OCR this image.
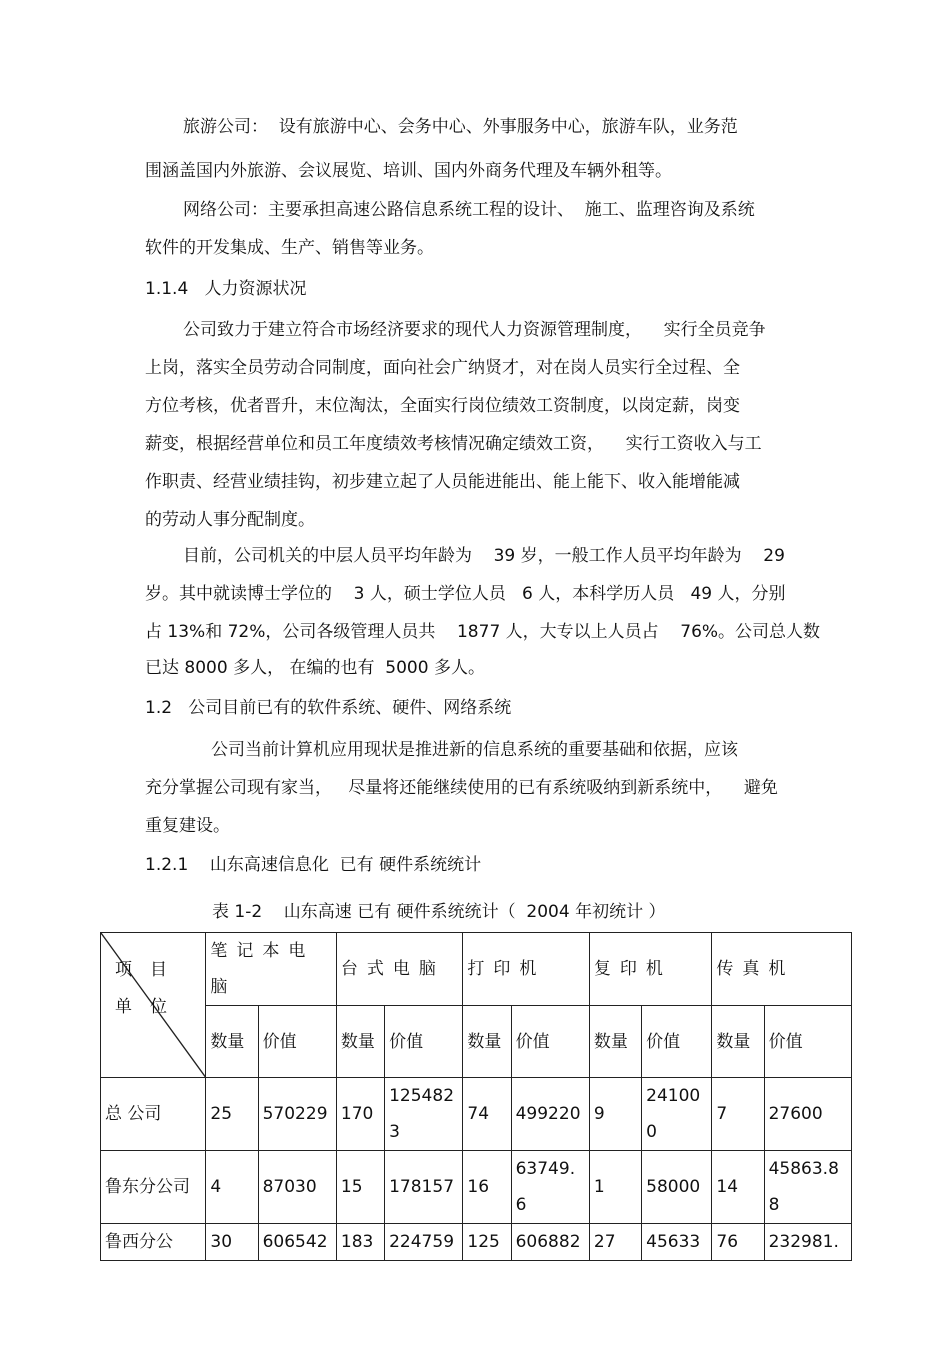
旅游公司：  设有旅游中心、会务中心、外事服务中心，旅游车队，业务范
围涵盖国内外旅游、会议展览、培训、国内外商务代理及车辆外租等。
网络公司：主要承担高速公路信息系统工程的设计、  施工、监理咨询及系统
软件的开发集成、生产、销售等业务。
1.1.4   人力资源状况
公司致力于建立符合市场经济要求的现代人力资源管理制度，    实行全员竞争
上岗，落实全员劳动合同制度，面向社会广纳贤才，对在岗人员实行全过程、全
方位考核，优者晋升，末位淘汰，全面实行岗位绩效工资制度，以岗定薪，岗变
薪变，根据经营单位和员工年度绩效考核情况确定绩效工资，    实行工资收入与工
作职责、经营业绩挂钩，初步建立起了人员能进能出、能上能下、收入能增能减
的劳动人事分配制度。
目前，公司机关的中层人员平均年龄为    39 岁，一般工作人员平均年龄为    29
岁。其中就读博士学位的    3 人，硕士学位人员   6 人，本科学历人员   49 人，分别
占 13%和 72%，公司各级管理人员共    1877 人，大专以上人员占    76%。公司总人数
已达 8000 多人， 在编的也有  5000 多人。
1.2   公司目前已有的软件系统、硬件、网络系统
公司当前计算机应用现状是推进新的信息系统的重要基础和依据，应该
充分掌握公司现有家当，   尽量将还能继续使用的已有系统吸纳到新系统中，    避免
重复建设。
1.2.1    山东高速信息化  已有 硬件系统统计
表 1-2    山东高速 已有 硬件系统统计（  2004 年初统计 ）
项目
单位	笔记本电脑		台式电脑		打印机		复印机		传真机	
	数量	价值	数量	价值	数量	价值	数量	价值	数量	价值
总 公司	25	570229	170	1254823	74	499220	9	241000	7	27600
鲁东分公司	4	87030	15	178157	16	63749.6	1	58000	14	45863.88
鲁西分公	30	606542	183	224759	125	606882	27	45633	76	232981.
